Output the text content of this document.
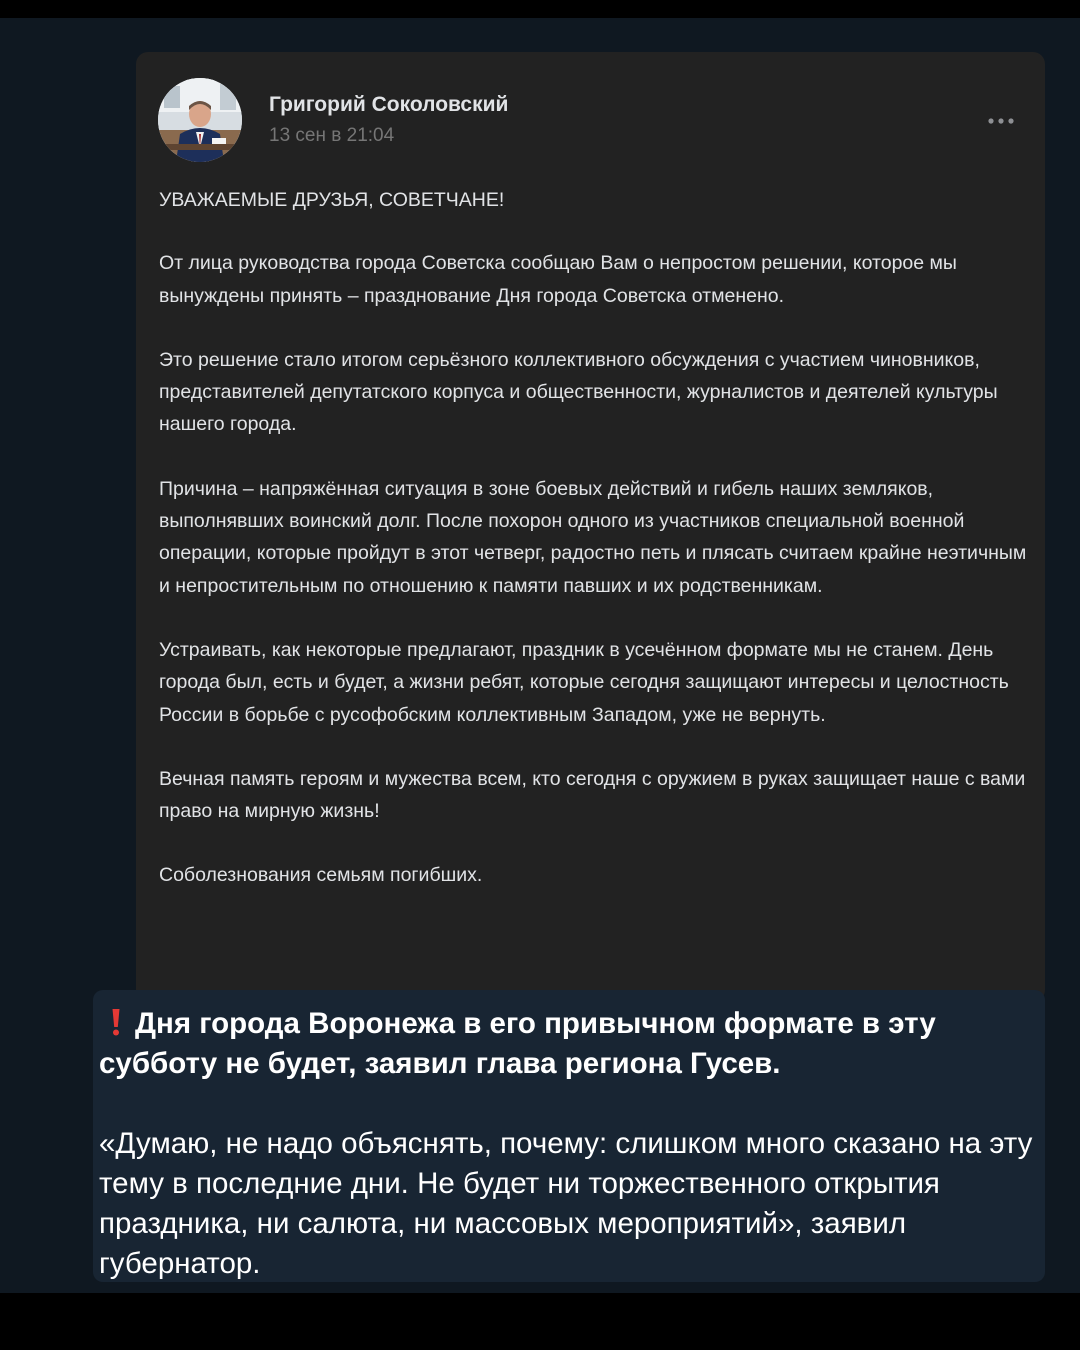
Григорий Соколовский
13 сен в 21:04

УВАЖАЕМЫЕ ДРУЗЬЯ, СОВЕТЧАНЕ!

От лица руководства города Советска сообщаю Вам о непростом решении, которое мы вынуждены принять – празднование Дня города Советска отменено.

Это решение стало итогом серьёзного коллективного обсуждения с участием чиновников, представителей депутатского корпуса и общественности, журналистов и деятелей культуры нашего города.

Причина – напряжённая ситуация в зоне боевых действий и гибель наших земляков, выполнявших воинский долг. После похорон одного из участников специальной военной операции, которые пройдут в этот четверг, радостно петь и плясать считаем крайне неэтичным и непростительным по отношению к памяти павших и их родственникам.

Устраивать, как некоторые предлагают, праздник в усечённом формате мы не станем. День города был, есть и будет, а жизни ребят, которые сегодня защищают интересы и целостность России в борьбе с русофобским коллективным Западом, уже не вернуть.

Вечная память героям и мужества всем, кто сегодня с оружием в руках защищает наше с вами право на мирную жизнь!

Соболезнования семьям погибших.

Дня города Воронежа в его привычном формате в эту субботу не будет, заявил глава региона Гусев.

«Думаю, не надо объяснять, почему: слишком много сказано на эту тему в последние дни. Не будет ни торжественного открытия праздника, ни салюта, ни массовых мероприятий», заявил губернатор.
